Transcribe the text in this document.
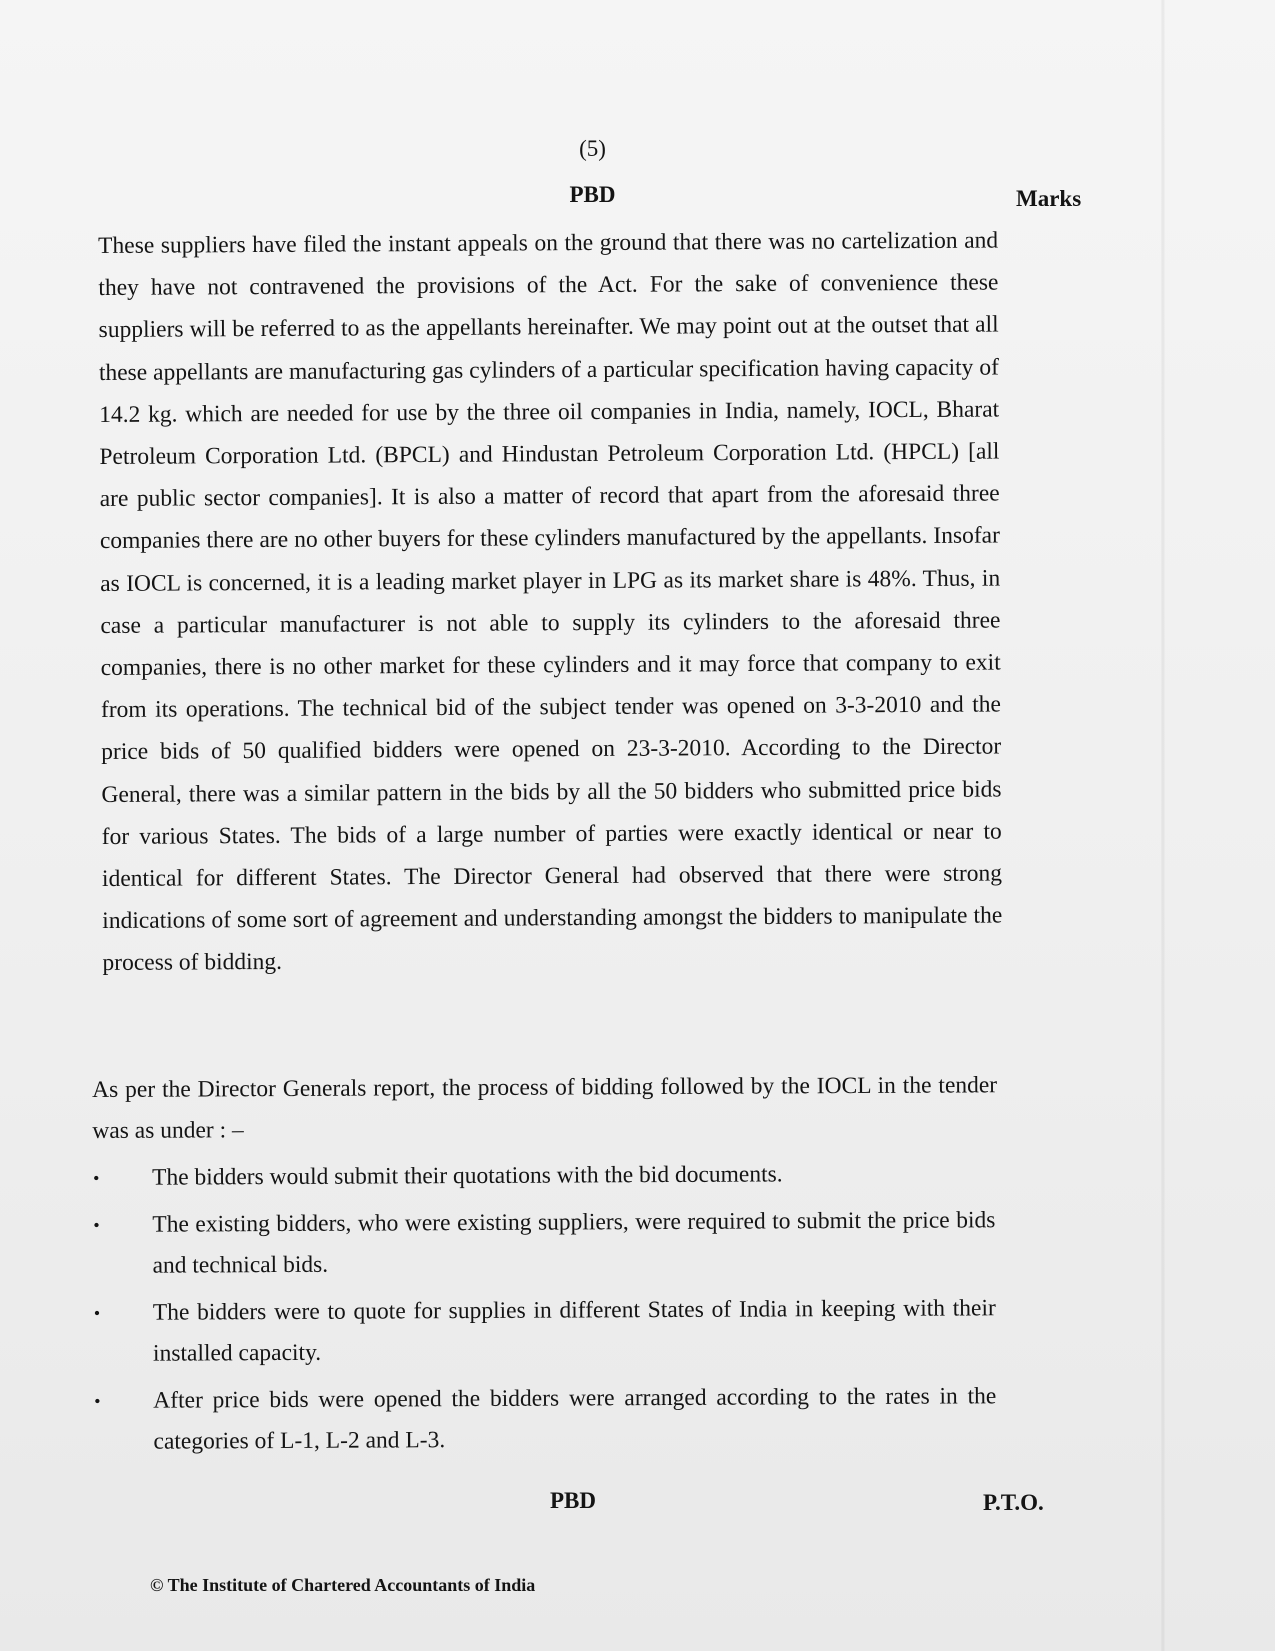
(5)
PBD	Marks

These suppliers have filed the instant appeals on the ground that there was no cartelization and they have not contravened the provisions of the Act. For the sake of convenience these suppliers will be referred to as the appellants hereinafter. We may point out at the outset that all these appellants are manufacturing gas cylinders of a particular specification having capacity of 14.2 kg. which are needed for use by the three oil companies in India, namely, IOCL, Bharat Petroleum Corporation Ltd. (BPCL) and Hindustan Petroleum Corporation Ltd. (HPCL) [all are public sector companies]. It is also a matter of record that apart from the aforesaid three companies there are no other buyers for these cylinders manufactured by the appellants. Insofar as IOCL is concerned, it is a leading market player in LPG as its market share is 48%. Thus, in case a particular manufacturer is not able to supply its cylinders to the aforesaid three companies, there is no other market for these cylinders and it may force that company to exit from its operations. The technical bid of the subject tender was opened on 3-3-2010 and the price bids of 50 qualified bidders were opened on 23-3-2010. According to the Director General, there was a similar pattern in the bids by all the 50 bidders who submitted price bids for various States. The bids of a large number of parties were exactly identical or near to identical for different States. The Director General had observed that there were strong indications of some sort of agreement and understanding amongst the bidders to manipulate the process of bidding.

As per the Director Generals report, the process of bidding followed by the IOCL in the tender was as under : –
• The bidders would submit their quotations with the bid documents.
• The existing bidders, who were existing suppliers, were required to submit the price bids and technical bids.
• The bidders were to quote for supplies in different States of India in keeping with their installed capacity.
• After price bids were opened the bidders were arranged according to the rates in the categories of L-1, L-2 and L-3.
PBD	P.T.O.
© The Institute of Chartered Accountants of India
